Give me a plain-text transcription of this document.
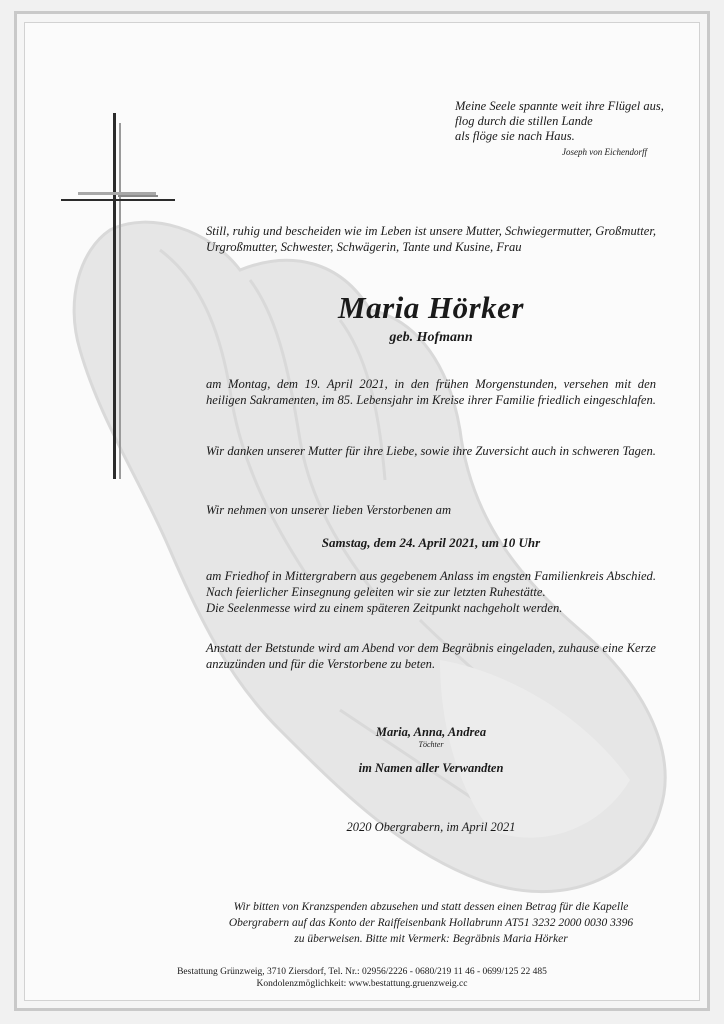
Meine Seele spannte weit ihre Flügel aus,
flog durch die stillen Lande
als flöge sie nach Haus.
Joseph von Eichendorff
Still, ruhig und bescheiden wie im Leben ist unsere Mutter, Schwiegermutter, Großmutter, Urgroßmutter, Schwester, Schwägerin, Tante und Kusine, Frau
Maria Hörker
geb. Hofmann
am Montag, dem 19. April 2021, in den frühen Morgenstunden, versehen mit den heiligen Sakramenten, im 85. Lebensjahr im Kreise ihrer Familie friedlich eingeschlafen.
Wir danken unserer Mutter für ihre Liebe, sowie ihre Zuversicht auch in schweren Tagen.
Wir nehmen von unserer lieben Verstorbenen am
Samstag, dem 24. April 2021, um 10 Uhr
am Friedhof in Mittergrabern aus gegebenem Anlass im engsten Familienkreis Abschied. Nach feierlicher Einsegnung geleiten wir sie zur letzten Ruhestätte.
Die Seelenmesse wird zu einem späteren Zeitpunkt nachgeholt werden.
Anstatt der Betstunde wird am Abend vor dem Begräbnis eingeladen, zuhause eine Kerze anzuzünden und für die Verstorbene zu beten.
Maria, Anna, Andrea
Töchter
im Namen aller Verwandten
2020 Obergrabern, im April 2021
Wir bitten von Kranzspenden abzusehen und statt dessen einen Betrag für die Kapelle
Obergrabern auf das Konto der Raiffeisenbank Hollabrunn AT51 3232 2000 0030 3396
zu überweisen. Bitte mit Vermerk: Begräbnis Maria Hörker
Bestattung Grünzweig, 3710 Ziersdorf, Tel. Nr.: 02956/2226 - 0680/219 11 46 - 0699/125 22 485
Kondolenzmöglichkeit: www.bestattung.gruenzweig.cc
